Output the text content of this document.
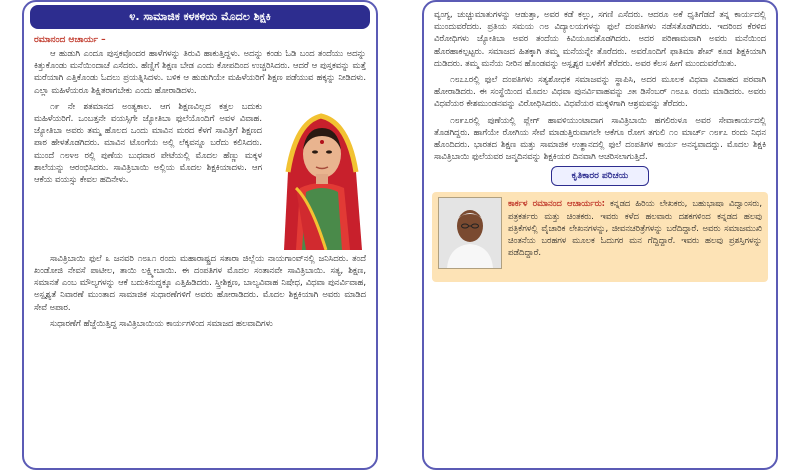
೪. ಸಾಮಾಜಿಕ ಕಳಕಳಿಯ ಮೊದಲ ಶಿಕ್ಷಕಿ
ರಮಾನಂದ ಆಚಾರ್ಯ –

ಆ ಹುಡುಗಿ ಎಂದೂ ಪುಸ್ತಕವೊಂದರ ಹಾಳೆಗಳನ್ನು ತಿರುವಿ ಹಾಕುತ್ತಿದ್ದಳು. ಅದನ್ನು ಕಂಡು ಓಡಿ ಬಂದ ತಂದೆಯು ಅದನ್ನು ಕಿತ್ತುಕೊಂಡು ಮನೆಯಿಂದಾಚೆ ಎಸೆದರು. ಹೆಣ್ಣಿಗೆ ಶಿಕ್ಷಣ ಬೇಡ ಎಂದು ಕೋಪದಿಂದ ಉಚ್ಚರಿಸಿದರು. ಆದರೆ ಆ ಪುಸ್ತಕವನ್ನು ಮತ್ತೆ ಮರೆಯಾಗಿ ಎತ್ತಿಕೊಂಡು ಓದಲು ಪ್ರಯತ್ನಿಸಿದಳು. ಬಳಿಕ ಆ ಹುಡುಗಿಯೇ ಮಹಿಳೆಯರಿಗೆ ಶಿಕ್ಷಣ ಪಡೆಯುವ ಹಕ್ಕನ್ನು ನೀಡಿದಳು. ಎಲ್ಲಾ ಮಹಿಳೆಯರೂ ಶಿಕ್ಷಿತರಾಗಬೇಕು ಎಂದು ಹೋರಾಡಿದಳು.

೧೯ ನೇ ಶತಮಾನದ ಅಂತ್ಯಕಾಲ. ಆಗ ಶಿಕ್ಷಣವಿಲ್ಲದ ಕತ್ತಲ ಬದುಕು ಮಹಿಳೆಯರಿಗೆ. ಒಂಬತ್ತನೇ ವಯಸ್ಸಿಗೇ ಜ್ಯೋತಿಬಾ ಫುಲೆಯೊಂದಿಗೆ ಅವಳ ವಿವಾಹ. ಜ್ಯೋತಿಬಾ ಅವರು ತಮ್ಮ ಹೊಲದ ಒಂದು ಮಾವಿನ ಮರದ ಕೆಳಗೆ ಸಾವಿತ್ರಿಗೆ ಶಿಕ್ಷಣದ ಪಾಠ ಹೇಳತೊಡಗಿದರು. ಮಾವಿನ ಟೊಂಗೆಯ ಅಲ್ಲಿ ಲೆಕ್ಕವನ್ನೂ ಬರೆದು ಕಲಿಸಿದರು. ಮುಂದೆ ೧೮೪೮ ರಲ್ಲಿ ಪುಣೆಯ ಬುಧವಾರ ಪೇಟೆಯಲ್ಲಿ ಮೊದಲ ಹೆಣ್ಣು ಮಕ್ಕಳ ಶಾಲೆಯನ್ನು ಆರಂಭಿಸಿದರು. ಸಾವಿತ್ರಿಬಾಯಿ ಅಲ್ಲಿಯ ಮೊದಲ ಶಿಕ್ಷಕಿಯಾದಳು. ಆಗ ಆಕೆಯ ವಯಸ್ಸು ಕೇವಲ ಹದಿನೇಳು.

ಸಾವಿತ್ರಿಬಾಯಿ ಫುಲೆ ೩ ಜನವರಿ ೧೮೩೧ ರಂದು ಮಹಾರಾಷ್ಟ್ರದ ಸತಾರಾ ಜಿಲ್ಲೆಯ ನಾಯಗಾಂವ್‌ನಲ್ಲಿ ಜನಿಸಿದರು. ತಂದೆ ಖಂಡೋಜಿ ನೇವಸೆ ಪಾಟೀಲ, ತಾಯಿ ಲಕ್ಷ್ಮೀಬಾಯಿ. ಈ ದಂಪತಿಗಳ ಮೊದಲ ಸಂತಾನವೇ ಸಾವಿತ್ರಿಬಾಯಿ. ಸತ್ಯ, ಶಿಕ್ಷಣ, ಸಮಾನತೆ ಎಂಬ ಮೌಲ್ಯಗಳನ್ನು ಆಕೆ ಬದುಕಿನುದ್ದಕ್ಕೂ ಎತ್ತಿಹಿಡಿದರು. ಸ್ತ್ರೀಶಿಕ್ಷಣ, ಬಾಲ್ಯವಿವಾಹ ನಿಷೇಧ, ವಿಧವಾ ಪುನರ್ವಿವಾಹ, ಅಸ್ಪೃಶ್ಯತೆ ನಿವಾರಣೆ ಮುಂತಾದ ಸಾಮಾಜಿಕ ಸುಧಾರಣೆಗಳಿಗೆ ಅವರು ಹೋರಾಡಿದರು. ಮೊದಲ ಶಿಕ್ಷಕಿಯಾಗಿ ಅವರು ಮಾಡಿದ ಸೇವೆ ಅಪಾರ.

ಸುಧಾರಣೆಗೆ ಹೆಜ್ಜೆಯಿತ್ತಿದ್ದ ಸಾವಿತ್ರಿಬಾಯಿಯ ಕಾರ್ಯಗಳಿಂದ ಸಮಾಜದ ಹಲವಾದಿಗಳು

ವ್ಯಂಗ್ಯ, ಚುಚ್ಚುಮಾತುಗಳನ್ನು ಆಡುತ್ತಾ, ಅವರ ಕಡೆ ಕಲ್ಲು, ಸಗಣಿ ಎಸೆದರು. ಆದರೂ ಅಕೆ ಧೃತಿಗೆಡದೆ ತನ್ನ ಕಾರ್ಯದಲ್ಲಿ ಮುಂದುವರೆದರು. ಪ್ರತಿಯ ಸಮಯ ೧೮ ವಿದ್ಯಾಲಯಗಳನ್ನು ಫುಲೆ ದಂಪತಿಗಳು ನಡೆಸತೊಡಗಿದರು. ಇದರಿಂದ ಕೆರಳಿದ ವಿರೋಧಿಗಳು ಜ್ಯೋತಿಬಾ ಅವರ ತಂದೆಯ ಕಿವಿಯೂದತೊಡಗಿದರು. ಅದರ ಪರಿಣಾಮವಾಗಿ ಅವರು ಮನೆಯಿಂದ ಹೊರಹಾಕಲ್ಪಟ್ಟರು. ಸಮಾಜದ ಹಿತಕ್ಕಾಗಿ ತಮ್ಮ ಮನೆಯನ್ನೇ ತೊರೆದರು. ಅವರೊಂದಿಗೆ ಫಾತಿಮಾ ಶೇಖ್ ಕೂಡ ಶಿಕ್ಷಕಿಯಾಗಿ ದುಡಿದರು. ತಮ್ಮ ಮನೆಯ ನೀರಿನ ಹೊಂಡವನ್ನು ಅಸ್ಪೃಶ್ಯರ ಬಳಕೆಗೆ ತೆರೆದರು. ಅವರ ಕೆಲಸ ಹೀಗೆ ಮುಂದುವರೆಯಿತು.

೧೮೭೭ರಲ್ಲಿ ಫುಲೆ ದಂಪತಿಗಳು ಸತ್ಯಶೋಧಕ ಸಮಾಜವನ್ನು ಸ್ಥಾಪಿಸಿ, ಅದರ ಮೂಲಕ ವಿಧವಾ ವಿವಾಹದ ಪರವಾಗಿ ಹೋರಾಡಿದರು. ಈ ಸಂಸ್ಥೆಯಿಂದ ಮೊದಲ ವಿಧವಾ ಪುನರ್ವಿವಾಹವನ್ನು ೨೫ ಡಿಸೆಂಬರ್ ೧೮೭೩ ರಂದು ಮಾಡಿದರು. ಅವರು ವಿಧವೆಯರ ಕೇಶಮುಂಡನವನ್ನು ವಿರೋಧಿಸಿದರು. ವಿಧವೆಯರ ಮಕ್ಕಳಿಗಾಗಿ ಆಶ್ರಮವನ್ನು ತೆರೆದರು.

೧೮೯೭ರಲ್ಲಿ ಪುಣೆಯಲ್ಲಿ ಪ್ಲೇಗ್ ಹಾವಳಿಯುಂಟಾದಾಗ ಸಾವಿತ್ರಿಬಾಯಿ ಹಗಲಿರುಳೂ ಅವರ ಸೇವಾಕಾರ್ಯದಲ್ಲಿ ತೊಡಗಿದ್ದರು. ಹಾಗೆಯೇ ರೋಗಿಯ ಸೇವೆ ಮಾಡುತ್ತಿರುವಾಗಲೇ ಆಕೆಗೂ ರೋಗ ತಗುಲಿ ೧೦ ಮಾರ್ಚ್ ೧೮೯೭ ರಂದು ನಿಧನ ಹೊಂದಿದರು. ಭಾರತದ ಶಿಕ್ಷಣ ಮತ್ತು ಸಾಮಾಜಿಕ ಉತ್ಥಾನದಲ್ಲಿ ಫುಲೆ ದಂಪತಿಗಳ ಕಾರ್ಯ ಅನನ್ಯವಾದದ್ದು. ಮೊದಲ ಶಿಕ್ಷಕಿ ಸಾವಿತ್ರಿಬಾಯಿ ಫುಲೆಯವರ ಜನ್ಮದಿನವನ್ನು ಶಿಕ್ಷಕಿಯರ ದಿನವಾಗಿ ಆಚರಿಸಲಾಗುತ್ತಿದೆ.

ಕೃತಿಕಾರರ ಪರಿಚಯ
ಕಾರ್ಕಳ ರಮಾನಂದ ಆಚಾರ್ಯರು: ಕನ್ನಡದ ಹಿರಿಯ ಲೇಖಕರು, ಬಹುಭಾಷಾ ವಿದ್ವಾಂಸರು, ಪತ್ರಕರ್ತರು ಮತ್ತು ಚಿಂತಕರು. ಇವರು ಕಳೆದ ಹಲವಾರು ದಶಕಗಳಿಂದ ಕನ್ನಡದ ಹಲವು ಪತ್ರಿಕೆಗಳಲ್ಲಿ ವೈಚಾರಿಕ ಲೇಖನಗಳನ್ನು, ಜೀವನಚರಿತ್ರೆಗಳನ್ನು ಬರೆದಿದ್ದಾರೆ. ಅವರು ಸಮಾಜಮುಖಿ ಚಿಂತನೆಯ ಬರಹಗಳ ಮೂಲಕ ಓದುಗರ ಮನ ಗೆದ್ದಿದ್ದಾರೆ. ಇವರು ಹಲವು ಪ್ರಶಸ್ತಿಗಳನ್ನು ಪಡೆದಿದ್ದಾರೆ.
